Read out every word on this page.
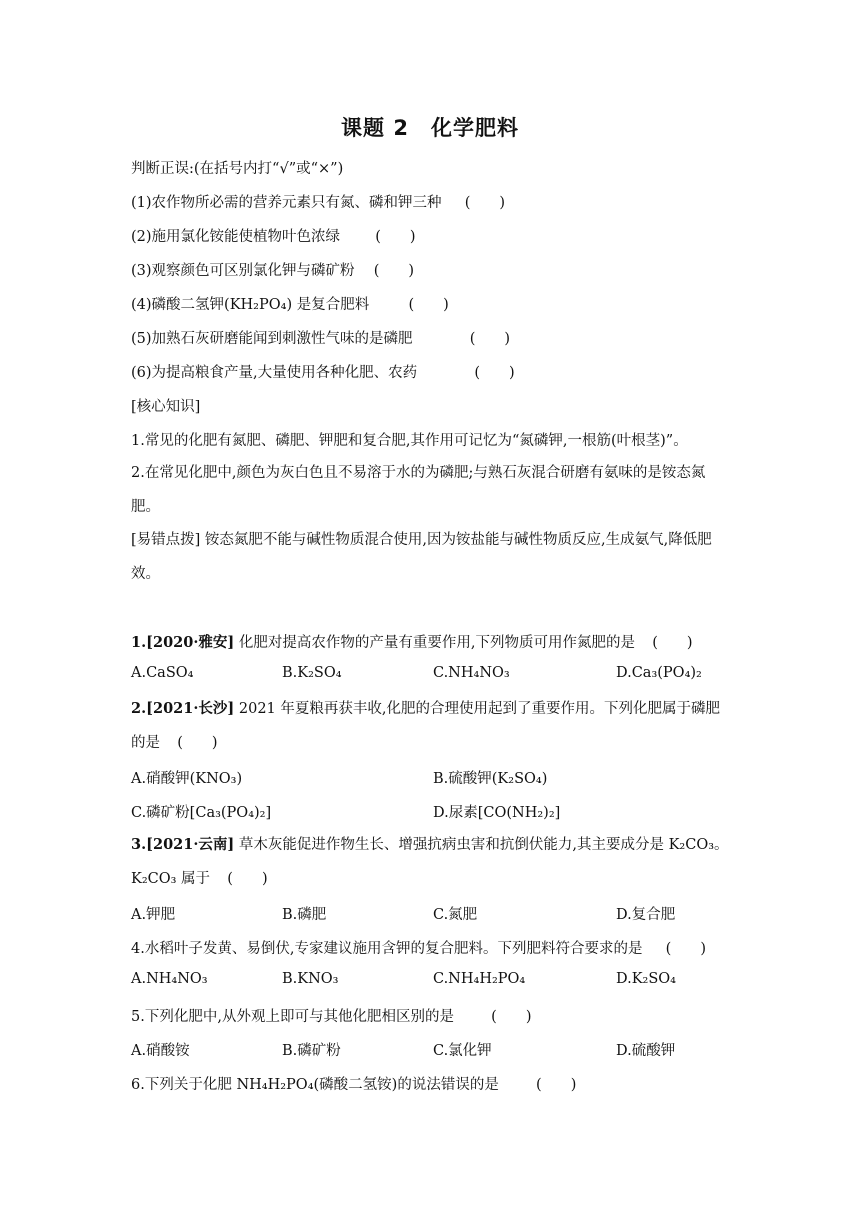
课题 2　化学肥料
判断正误:(在括号内打“√”或“×”)
(1)农作物所必需的营养元素只有氮、磷和钾三种 (　　)
(2)施用氯化铵能使植物叶色浓绿 (　　)
(3)观察颜色可区别氯化钾与磷矿粉 (　　)
(4)磷酸二氢钾(KH₂PO₄) 是复合肥料	(　　)
(5)加熟石灰研磨能闻到刺激性气味的是磷肥	(　　)
(6)为提高粮食产量,大量使用各种化肥、农药	(　　)
[核心知识]
1.常见的化肥有氮肥、磷肥、钾肥和复合肥,其作用可记忆为“氮磷钾,一根筋(叶根茎)”。
2.在常见化肥中,颜色为灰白色且不易溶于水的为磷肥;与熟石灰混合研磨有氨味的是铵态氮肥。
[易错点拨] 铵态氮肥不能与碱性物质混合使用,因为铵盐能与碱性物质反应,生成氨气,降低肥效。
1.[2020·雅安] 化肥对提高农作物的产量有重要作用,下列物质可用作氮肥的是 (　　)
A.CaSO₄	B.K₂SO₄	C.NH₄NO₃	D.Ca₃(PO₄)₂
2.[2021·长沙] 2021 年夏粮再获丰收,化肥的合理使用起到了重要作用。下列化肥属于磷肥的是 (　　)
A.硝酸钾(KNO₃)	B.硫酸钾(K₂SO₄)
C.磷矿粉[Ca₃(PO₄)₂]	D.尿素[CO(NH₂)₂]
3.[2021·云南] 草木灰能促进作物生长、增强抗病虫害和抗倒伏能力,其主要成分是 K₂CO₃。K₂CO₃ 属于 (　　)
A.钾肥	B.磷肥	C.氮肥	D.复合肥
4.水稻叶子发黄、易倒伏,专家建议施用含钾的复合肥料。下列肥料符合要求的是 (　　)
A.NH₄NO₃	B.KNO₃	C.NH₄H₂PO₄	D.K₂SO₄
5.下列化肥中,从外观上即可与其他化肥相区别的是	(　　)
A.硝酸铵	B.磷矿粉	C.氯化钾	D.硫酸钾
6.下列关于化肥 NH₄H₂PO₄(磷酸二氢铵)的说法错误的是	(　　)
